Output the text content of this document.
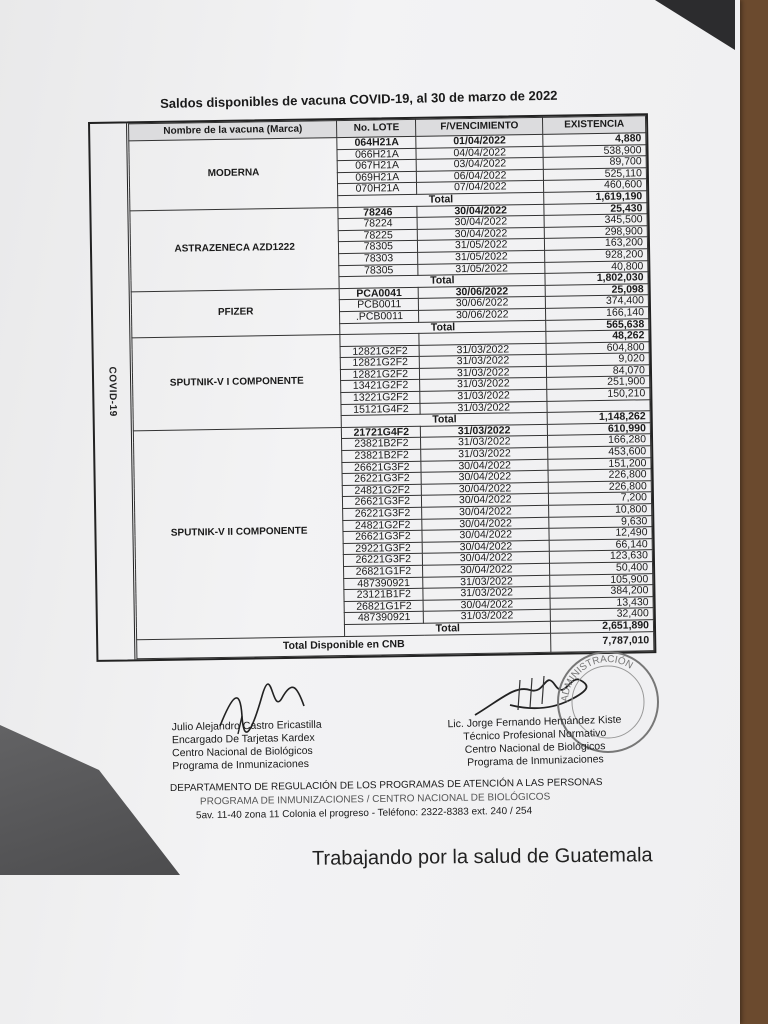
Saldos disponibles de vacuna COVID-19, al 30 de marzo de 2022
COVID-19
Nombre de la vacuna (Marca)	No. LOTE	F/VENCIMIENTO	EXISTENCIA
MODERNA	064H21A	01/04/2022	4,880
	066H21A	04/04/2022	538,900
	067H21A	03/04/2022	89,700
	069H21A	06/04/2022	525,110
	070H21A	07/04/2022	460,600
	Total		1,619,190
ASTRAZENECA AZD1222	78246	30/04/2022	25,430
	78224	30/04/2022	345,500
	78225	30/04/2022	298,900
	78305	31/05/2022	163,200
	78303	31/05/2022	928,200
	78305	31/05/2022	40,800
	Total		1,802,030
PFIZER	PCA0041	30/06/2022	25,098
	PCB0011	30/06/2022	374,400
	.PCB0011	30/06/2022	166,140
	Total		565,638
SPUTNIK-V I COMPONENTE			48,262
	12821G2F2	31/03/2022	604,800
	12821G2F2	31/03/2022	9,020
	12821G2F2	31/03/2022	84,070
	13421G2F2	31/03/2022	251,900
	13221G2F2	31/03/2022	150,210
	15121G4F2	31/03/2022	
	Total		1,148,262
SPUTNIK-V II COMPONENTE	21721G4F2	31/03/2022	610,990
	23821B2F2	31/03/2022	166,280
	23821B2F2	31/03/2022	453,600
	26621G3F2	30/04/2022	151,200
	26221G3F2	30/04/2022	226,800
	24821G2F2	30/04/2022	226,800
	26621G3F2	30/04/2022	7,200
	26221G3F2	30/04/2022	10,800
	24821G2F2	30/04/2022	9,630
	26621G3F2	30/04/2022	12,490
	29221G3F2	30/04/2022	66,140
	26221G3F2	30/04/2022	123,630
	26821G1F2	30/04/2022	50,400
	487390921	31/03/2022	105,900
	23121B1F2	31/03/2022	384,200
	26821G1F2	30/04/2022	13,430
	487390921	31/03/2022	32,400
	Total		2,651,890
Total Disponible en CNB			7,787,010
ADMINISTRACIÓN
Julio Alejandro Castro Ericastilla
Encargado De Tarjetas Kardex
Centro Nacional de Biológicos
Programa de Inmunizaciones
Lic. Jorge Fernando Hernández Kiste
Técnico Profesional Normativo
Centro Nacional de Biológicos
Programa de Inmunizaciones
DEPARTAMENTO DE REGULACIÓN DE LOS PROGRAMAS DE ATENCIÓN A LAS PERSONAS
PROGRAMA DE INMUNIZACIONES / CENTRO NACIONAL DE BIOLÓGICOS
5av. 11-40 zona 11 Colonia el progreso - Teléfono: 2322-8383 ext. 240 / 254
Trabajando por la salud de Guatemala
